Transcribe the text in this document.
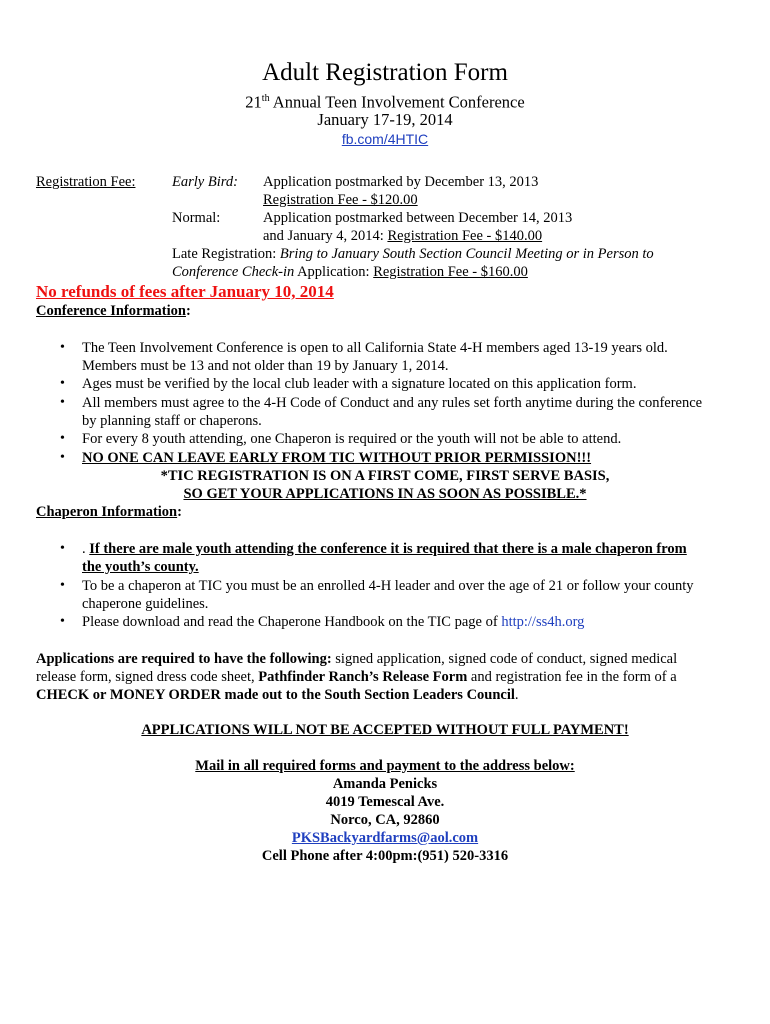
Adult Registration Form
21th Annual Teen Involvement Conference
January 17-19, 2014
fb.com/4HTIC
Registration Fee:	Early Bird: Application postmarked by December 13, 2013
Registration Fee - $120.00
Normal:	Application postmarked between December 14, 2013
and January 4, 2014: Registration Fee - $140.00
Late Registration: Bring to January South Section Council Meeting or in Person to
Conference Check-in Application: Registration Fee - $160.00
No refunds of fees after January 10, 2014
Conference Information:
• The Teen Involvement Conference is open to all California State 4-H members aged 13-19 years old.
Members must be 13 and not older than 19 by January 1, 2014.
• Ages must be verified by the local club leader with a signature located on this application form.
• All members must agree to the 4-H Code of Conduct and any rules set forth anytime during the conference
by planning staff or chaperons.
• For every 8 youth attending, one Chaperon is required or the youth will not be able to attend.
• NO ONE CAN LEAVE EARLY FROM TIC WITHOUT PRIOR PERMISSION!!!
*TIC REGISTRATION IS ON A FIRST COME, FIRST SERVE BASIS,
SO GET YOUR APPLICATIONS IN AS SOON AS POSSIBLE.*
Chaperon Information:
• . If there are male youth attending the conference it is required that there is a male chaperon from
the youth’s county.
• To be a chaperon at TIC you must be an enrolled 4-H leader and over the age of 21 or follow your county
chaperone guidelines.
• Please download and read the Chaperone Handbook on the TIC page of http://ss4h.org
Applications are required to have the following: signed application, signed code of conduct, signed medical
release form, signed dress code sheet, Pathfinder Ranch’s Release Form and registration fee in the form of a
CHECK or MONEY ORDER made out to the South Section Leaders Council.
APPLICATIONS WILL NOT BE ACCEPTED WITHOUT FULL PAYMENT!
Mail in all required forms and payment to the address below:
Amanda Penicks
4019 Temescal Ave.
Norco, CA, 92860
PKSBackyardfarms@aol.com
Cell Phone after 4:00pm:(951) 520-3316
